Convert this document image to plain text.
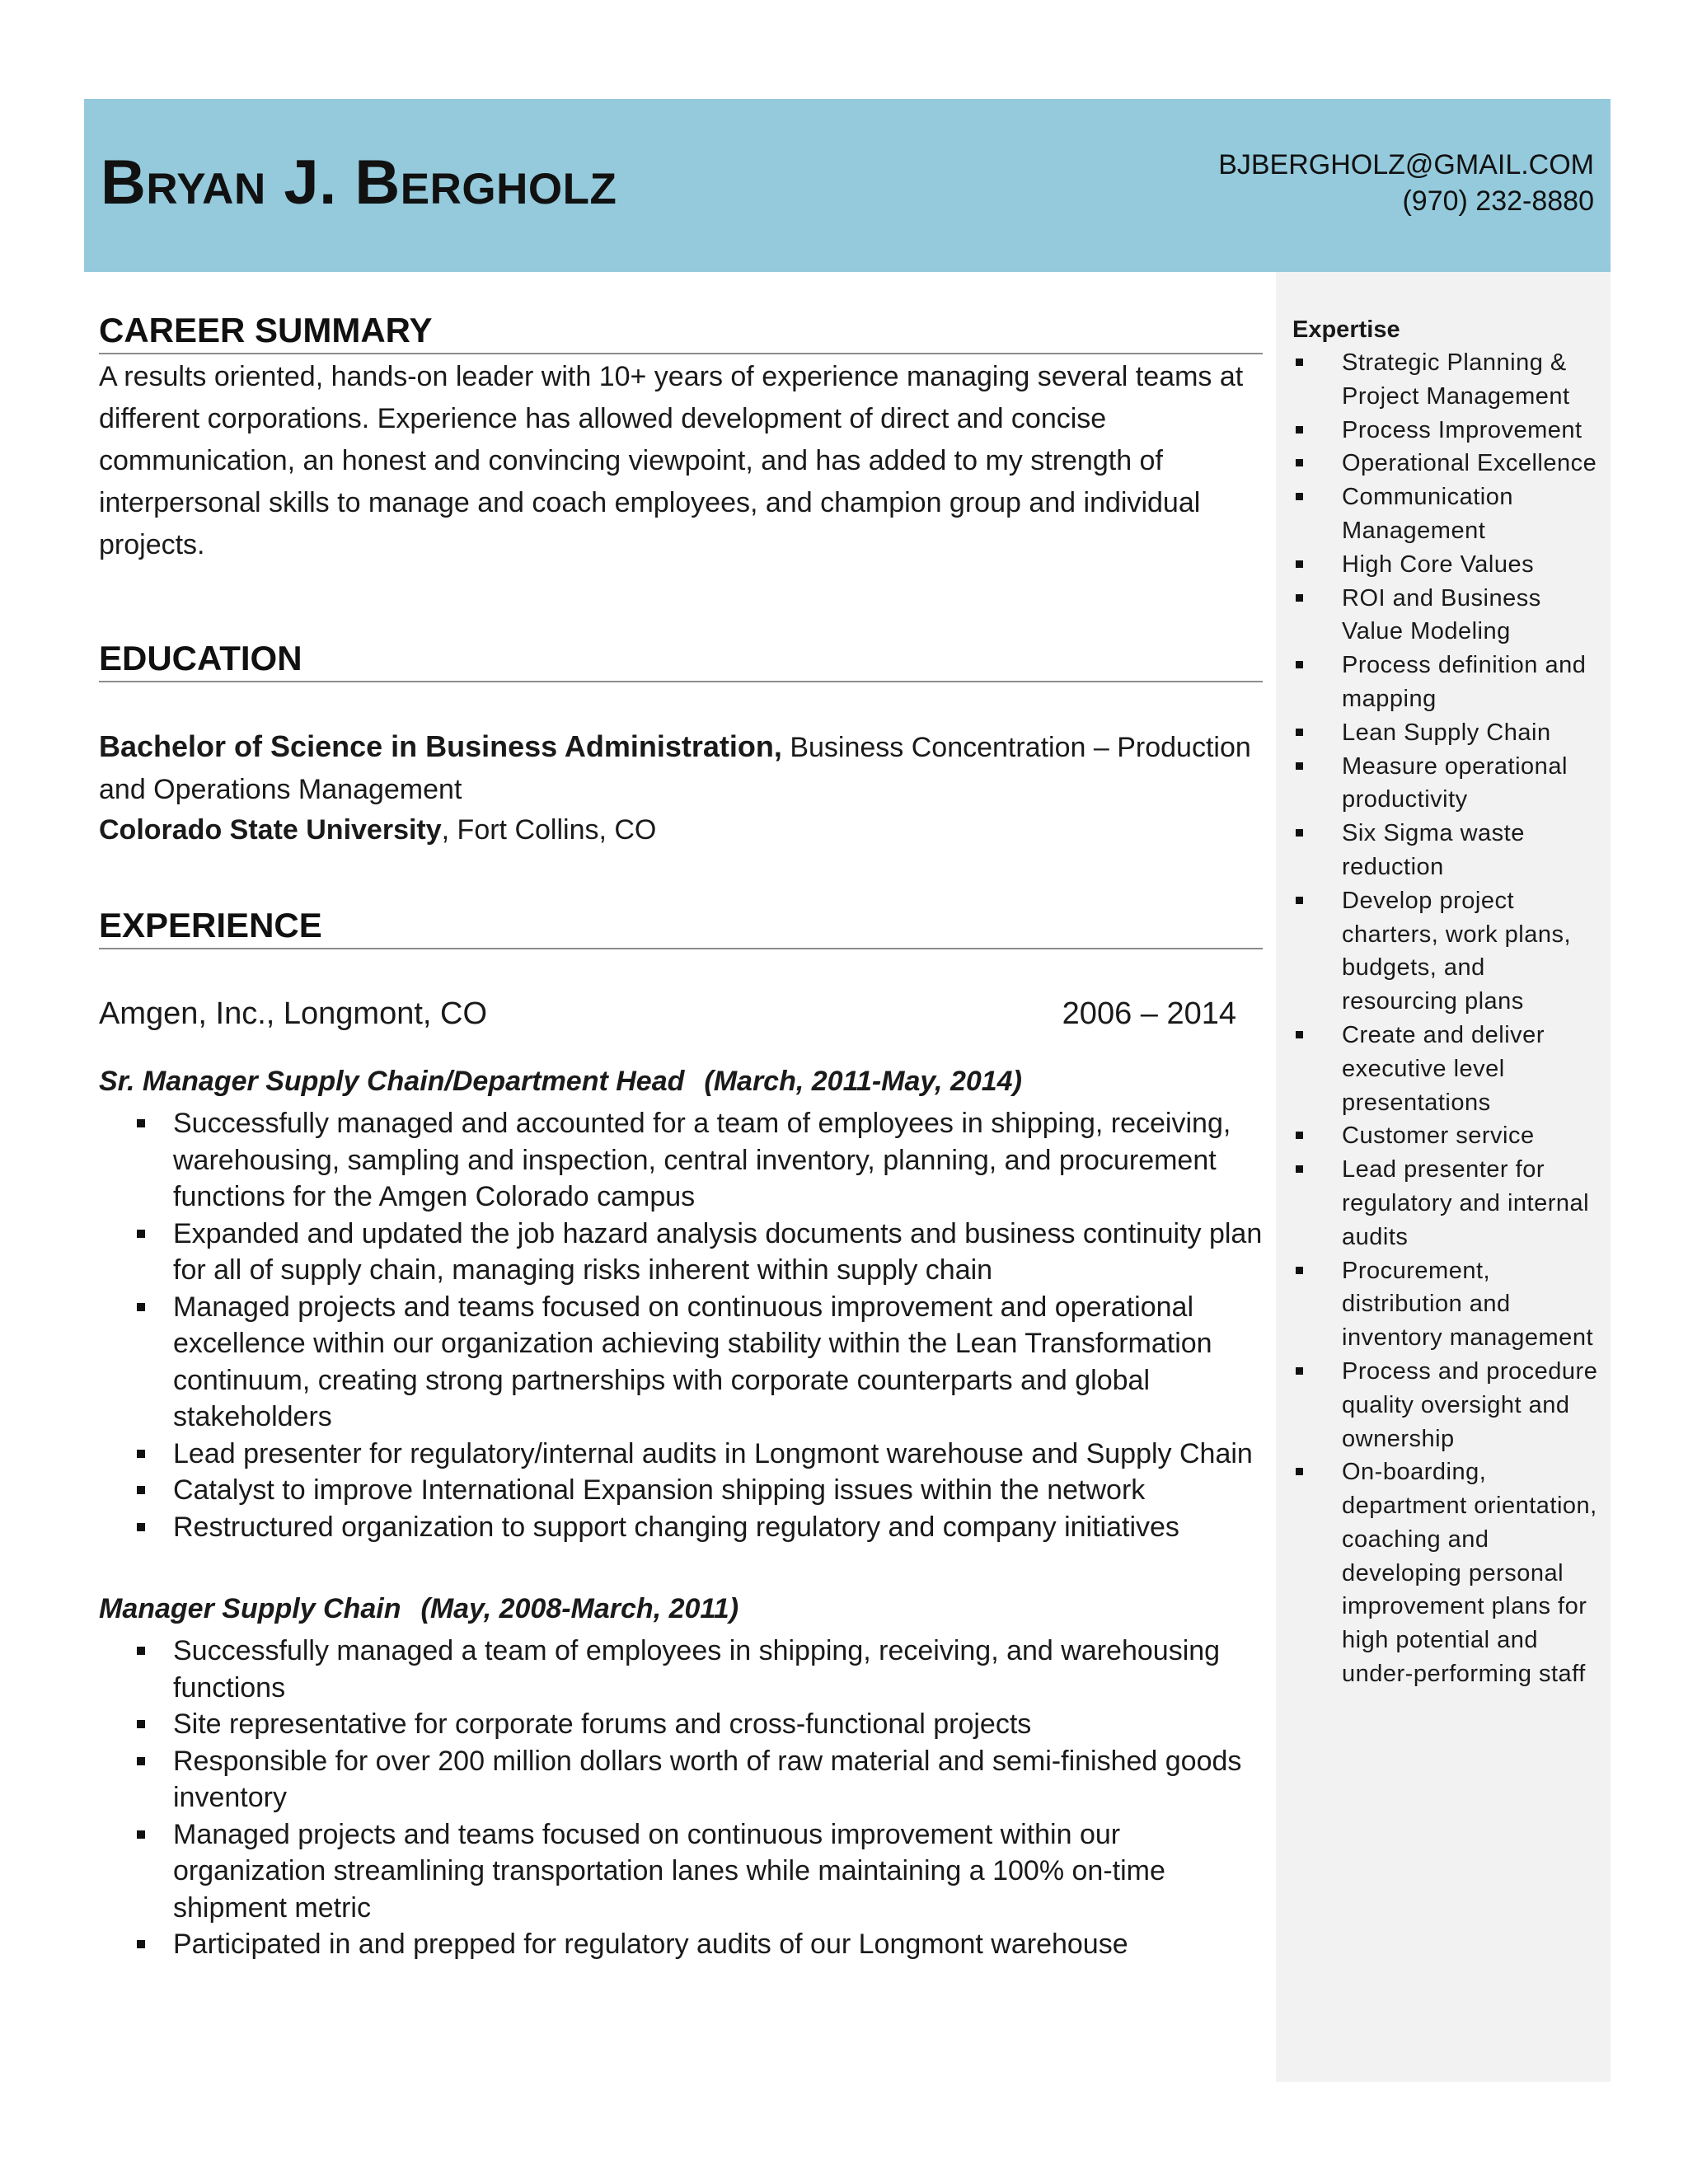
Bryan J. Bergholz	BJBERGHOLZ@GMAIL.COM
(970) 232-8880
Expertise
Strategic Planning & Project Management
Process Improvement
Operational Excellence
Communication Management
High Core Values
ROI and Business Value Modeling
Process definition and mapping
Lean Supply Chain
Measure operational productivity
Six Sigma waste reduction
Develop project charters, work plans, budgets, and resourcing plans
Create and deliver executive level presentations
Customer service
Lead presenter for regulatory and internal audits
Procurement, distribution and inventory management
Process and procedure quality oversight and ownership
On-boarding, department orientation, coaching and developing personal improvement plans for high potential and under-performing staff
CAREER SUMMARY

A results oriented, hands-on leader with 10+ years of experience managing several teams at different corporations. Experience has allowed development of direct and concise communication, an honest and convincing viewpoint, and has added to my strength of interpersonal skills to manage and coach employees, and champion group and individual projects.

EDUCATION

Bachelor of Science in Business Administration, Business Concentration – Production and Operations Management

Colorado State University, Fort Collins, CO

EXPERIENCE
Amgen, Inc., Longmont, CO	2006 – 2014

Sr. Manager Supply Chain/Department Head (March, 2011-May, 2014)

Successfully managed and accounted for a team of employees in shipping, receiving, warehousing, sampling and inspection, central inventory, planning, and procurement functions for the Amgen Colorado campus
Expanded and updated the job hazard analysis documents and business continuity plan for all of supply chain, managing risks inherent within supply chain
Managed projects and teams focused on continuous improvement and operational excellence within our organization achieving stability within the Lean Transformation continuum, creating strong partnerships with corporate counterparts and global stakeholders
Lead presenter for regulatory/internal audits in Longmont warehouse and Supply Chain
Catalyst to improve International Expansion shipping issues within the network
Restructured organization to support changing regulatory and company initiatives

Manager Supply Chain (May, 2008-March, 2011)

Successfully managed a team of employees in shipping, receiving, and warehousing functions
Site representative for corporate forums and cross-functional projects
Responsible for over 200 million dollars worth of raw material and semi-finished goods inventory
Managed projects and teams focused on continuous improvement within our organization streamlining transportation lanes while maintaining a 100% on-time shipment metric
Participated in and prepped for regulatory audits of our Longmont warehouse
